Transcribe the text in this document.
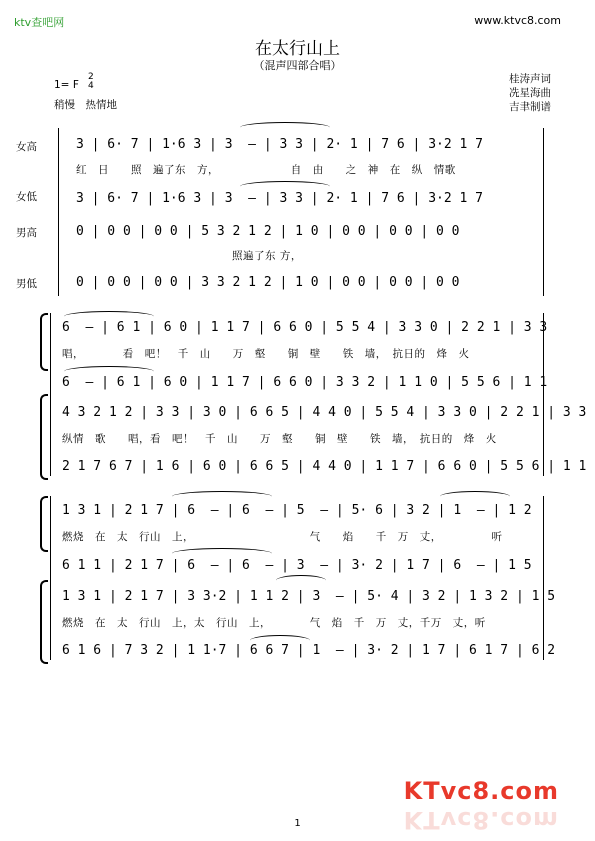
ktv查吧网	www.ktvc8.com
在太行山上
（混声四部合唱）
1= F
2
4
稍慢　热情地
桂涛声词
冼星海曲
吉聿制谱
女高
女低
男高
男低
3 | 6· 7 | 1·6 3 | 3  — | 3 3 | 2· 1 | 7 6 | 3·2 1 7
红　日　　照　遍了东　方，　　　　　　　自　由　　之　神　在　纵　情歌
3 | 6· 7 | 1·6 3 | 3  — | 3 3 | 2· 1 | 7 6 | 3·2 1 7
0 | 0 0 | 0 0 | 5 3 2 1 2 | 1 0 | 0 0 | 0 0 | 0 0
照遍了东 方，
0 | 0 0 | 0 0 | 3 3 2 1 2 | 1 0 | 0 0 | 0 0 | 0 0
6  — | 6 1 | 6 0 | 1 1 7 | 6 6 0 | 5 5 4 | 3 3 0 | 2 2 1 | 3 3
唱，　　　　看　吧！　千　山　　万　壑　　铜　壁　　铁　墙，　抗日的　烽　火
6  — | 6 1 | 6 0 | 1 1 7 | 6 6 0 | 3 3 2 | 1 1 0 | 5 5 6 | 1 1
4 3 2 1 2 | 3 3 | 3 0 | 6 6 5 | 4 4 0 | 5 5 4 | 3 3 0 | 2 2 1 | 3 3
纵情　歌　　唱，看　吧！　千　山　　万　壑　　铜　壁　　铁　墙，　抗日的　烽　火
2 1 7 6 7 | 1 6 | 6 0 | 6 6 5 | 4 4 0 | 1 1 7 | 6 6 0 | 5 5 6 | 1 1
1 3 1 | 2 1 7 | 6  — | 6  — | 5  — | 5· 6 | 3 2 | 1  — | 1 2
燃烧　在　太　行山　上，　　　　　　　　　　　气　　焰　　千　万　丈，　　　　　听
6 1 1 | 2 1 7 | 6  — | 6  — | 3  — | 3· 2 | 1 7 | 6  — | 1 5
1 3 1 | 2 1 7 | 3 3·2 | 1 1 2 | 3  — | 5· 4 | 3 2 | 1 3 2 | 1 5
燃烧　在　太　行山　上，太　行山　上，　　　　气　焰　千　万　丈，千万　丈，听
6 1 6 | 7 3 2 | 1 1·7 | 6 6 7 | 1  — | 3· 2 | 1 7 | 6 1 7 | 6 2
KTvc8.com
KTvc8.com
1
